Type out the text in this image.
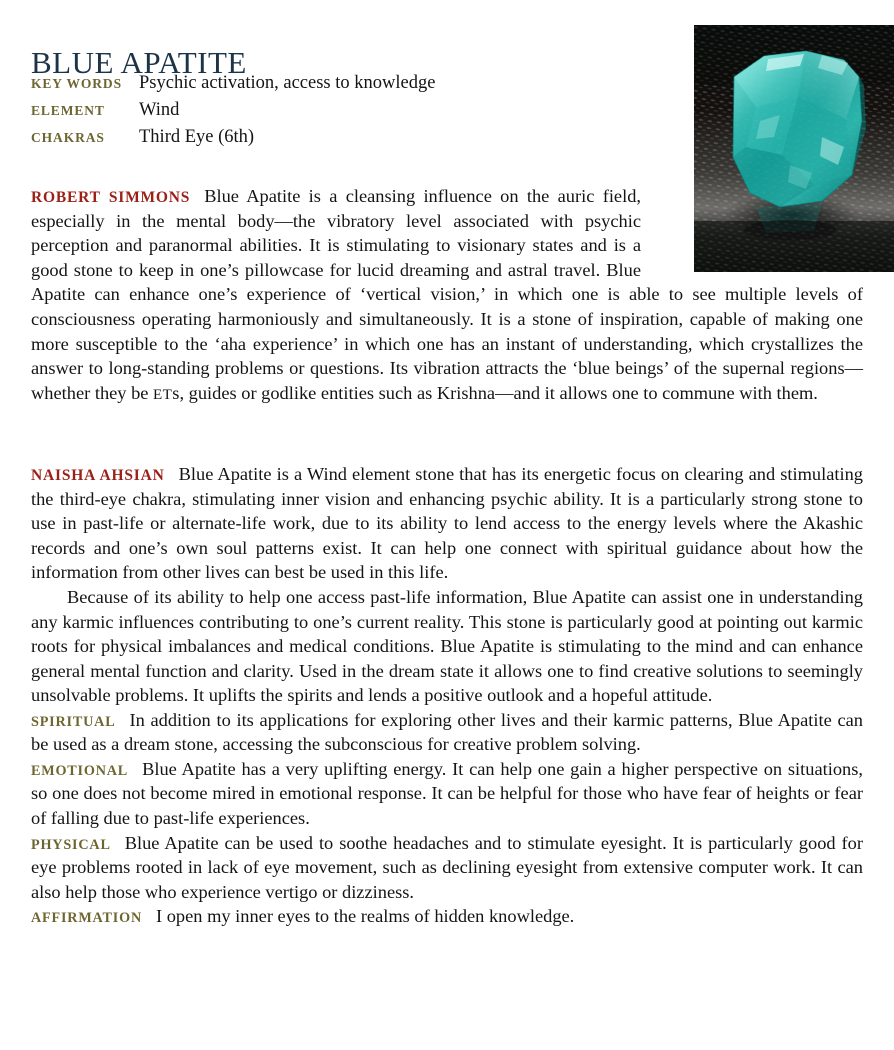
BLUE APATITE
KEY WORDS Psychic activation, access to knowledge
ELEMENT	Wind
CHAKRAS	Third Eye (6th)

ROBERT SIMMONS Blue Apatite is a cleansing influence on the auric field, especially in the mental body—the vibratory level associated with psychic perception and paranormal abilities. It is stimulating to visionary states and is a good stone to keep in one’s pillowcase for lucid dreaming and astral travel. Blue Apatite can enhance one’s experience of ‘vertical vision,’ in which one is able to see multiple levels of consciousness operating harmoniously and simultaneously. It is a stone of inspiration, capable of making one more susceptible to the ‘aha experience’ in which one has an instant of understanding, which crystallizes the answer to long-standing problems or questions. Its vibration attracts the ‘blue beings’ of the supernal regions—whether they be ETs, guides or godlike entities such as Krishna—and it allows one to commune with them.

NAISHA AHSIAN Blue Apatite is a Wind element stone that has its energetic focus on clearing and stimulating the third-eye chakra, stimulating inner vision and enhancing psychic ability. It is a particularly strong stone to use in past-life or alternate-life work, due to its ability to lend access to the energy levels where the Akashic records and one’s own soul patterns exist. It can help one connect with spiritual guidance about how the information from other lives can best be used in this life.

Because of its ability to help one access past-life information, Blue Apatite can assist one in understanding any karmic influences contributing to one’s current reality. This stone is particularly good at pointing out karmic roots for physical imbalances and medical conditions. Blue Apatite is stimulating to the mind and can enhance general mental function and clarity. Used in the dream state it allows one to find creative solutions to seemingly unsolvable problems. It uplifts the spirits and lends a positive outlook and a hopeful attitude.

SPIRITUAL In addition to its applications for exploring other lives and their karmic patterns, Blue Apatite can be used as a dream stone, accessing the subconscious for creative problem solving.

EMOTIONAL Blue Apatite has a very uplifting energy. It can help one gain a higher perspective on situations, so one does not become mired in emotional response. It can be helpful for those who have fear of heights or fear of falling due to past-life experiences.

PHYSICAL Blue Apatite can be used to soothe headaches and to stimulate eyesight. It is particularly good for eye problems rooted in lack of eye movement, such as declining eyesight from extensive computer work. It can also help those who experience vertigo or dizziness.

AFFIRMATION I open my inner eyes to the realms of hidden knowledge.
